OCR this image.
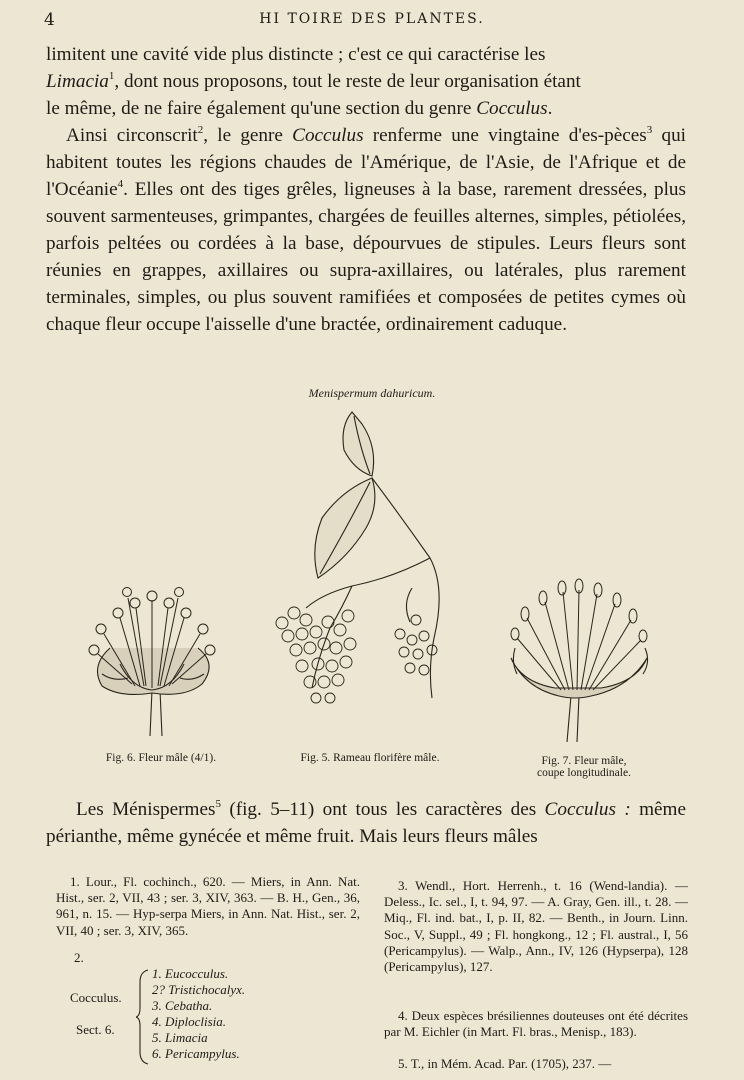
4	HI TOIRE DES PLANTES.
limitent une cavité vide plus distincte ; c'est ce qui caractérise les
Limacia$^1$, dont nous proposons, tout le reste de leur organisation étant
le même, de ne faire également qu'une section du genre Cocculus.
Ainsi circonscrit$^2$, le genre Cocculus renferme une vingtaine d'es-pèces$^3$ qui habitent toutes les régions chaudes de l'Amérique, de l'Asie, de l'Afrique et de l'Océanie$^4$. Elles ont des tiges grêles, ligneuses à la base, rarement dressées, plus souvent sarmenteuses, grimpantes, chargées de feuilles alternes, simples, pétiolées, parfois peltées ou cordées à la base, dépourvues de stipules. Leurs fleurs sont réunies en grappes, axillaires ou supra-axillaires, ou latérales, plus rarement terminales, simples, ou plus souvent ramifiées et composées de petites cymes où chaque fleur occupe l'aisselle d'une bractée, ordinairement caduque.
Menispermum dahuricum.
Fig. 6. Fleur mâle (4/1).	Fig. 5. Rameau florifère mâle.	Fig. 7. Fleur mâle,
coupe longitudinale.
Les Ménispermes$^5$ (fig. 5–11) ont tous les caractères des Cocculus : même périanthe, même gynécée et même fruit. Mais leurs fleurs mâles
1. Lour., Fl. cochinch., 620. — Miers, in Ann. Nat. Hist., ser. 2, VII, 43 ; ser. 3, XIV, 363. — B. H., Gen., 36, 961, n. 15. — Hyp-serpa Miers, in Ann. Nat. Hist., ser. 2, VII, 40 ; ser. 3, XIV, 365.
2.
Cocculus.
Sect. 6.
1. Eucocculus.
2? Tristichocalyx.
3. Cebatha.
4. Diploclisia.
5. Limacia
6. Pericampylus.
3. Wendl., Hort. Herrenh., t. 16 (Wend-landia). — Deless., Ic. sel., I, t. 94, 97. — A. Gray, Gen. ill., t. 28. — Miq., Fl. ind. bat., I, p. II, 82. — Benth., in Journ. Linn. Soc., V, Suppl., 49 ; Fl. hongkong., 12 ; Fl. austral., I, 56 (Pericampylus). — Walp., Ann., IV, 126 (Hypserpa), 128 (Pericampylus), 127.
4. Deux espèces brésiliennes douteuses ont été décrites par M. Eichler (in Mart. Fl. bras., Menisp., 183).
5. T., in Mém. Acad. Par. (1705), 237. —
